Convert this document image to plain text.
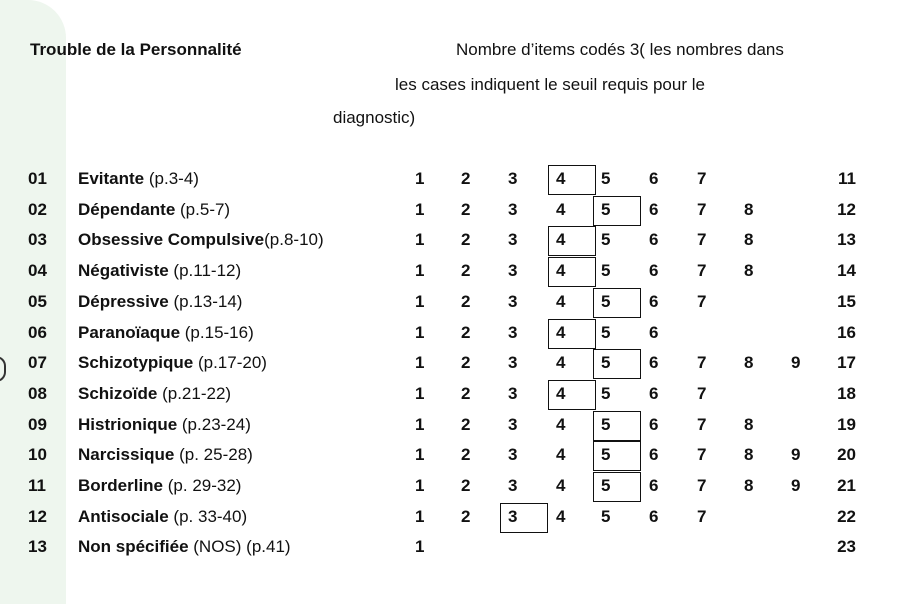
Trouble de la Personnalité	Nombre d’items codés 3( les nombres dans
les cases indiquent le seuil requis pour le
diagnostic)
01 Evitante (p.3-4)	1	2	3	4	5	6	7	11
02 Dépendante (p.5-7)	1	2	3	4	5	6	7	8	12
03 Obsessive Compulsive(p.8-10)	1	2	3	4	5	6	7	8	13
04 Négativiste (p.11-12)	1	2	3	4	5	6	7	8	14
05 Dépressive (p.13-14)	1	2	3	4	5	6	7	15
06 Paranoïaque (p.15-16)	1	2	3	4	5	6	16
07 Schizotypique (p.17-20)	1	2	3	4	5	6	7	8	9	17
08 Schizoïde (p.21-22)	1	2	3	4	5	6	7	18
09 Histrionique (p.23-24)	1	2	3	4	5	6	7	8	19
10 Narcissique (p. 25-28)	1	2	3	4	5	6	7	8	9	20
11 Borderline (p. 29-32)	1	2	3	4	5	6	7	8	9	21
12 Antisociale (p. 33-40)	1	2	3	4	5	6	7	22
13 Non spécifiée (NOS) (p.41)	1	23
